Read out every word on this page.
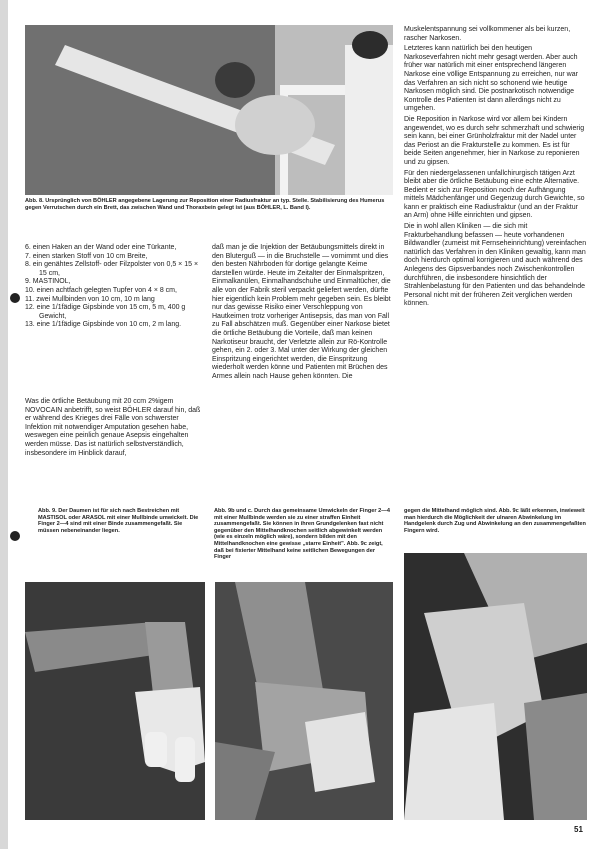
Abb. 8. Ursprünglich von BÖHLER angegebene Lagerung zur Reposition einer Radiusfraktur an typ. Stelle. Stabilisierung des Humerus gegen Verrutschen durch ein Brett, das zwischen Wand und Thoraxbein gelegt ist (aus BÖHLER, L. Band I).
6. einen Haken an der Wand oder eine Türkante,
7. einen starken Stoff von 10 cm Breite,
8. ein genähtes Zellstoff- oder Filzpolster von 0,5 × 15 × 15 cm,
9. MASTINOL,
10. einen achtfach gelegten Tupfer von 4 × 8 cm,
11. zwei Mullbinden von 10 cm, 10 m lang
12. eine 1/1fädige Gipsbinde von 15 cm, 5 m, 400 g Gewicht,
13. eine 1/1fädige Gipsbinde von 10 cm, 2 m lang.
Was die örtliche Betäubung mit 20 ccm 2%igem NOVOCAIN anbetrifft, so weist BÖHLER darauf hin, daß er während des Krieges drei Fälle von schwerster Infektion mit notwendiger Amputation gesehen habe, weswegen eine peinlich genaue Asepsis eingehalten werden müsse. Das ist natürlich selbstverständlich, insbesondere im Hinblick darauf,
daß man je die Injektion der Betäubungsmittels direkt in den Bluterguß — in die Bruchstelle — vornimmt und dies den besten Nährboden für dortige gelangte Keime darstellen würde. Heute im Zeitalter der Einmalspritzen, Einmalkanülen, Einmalhandschuhe und Einmaltücher, die alle von der Fabrik steril verpackt geliefert werden, dürfte hier eigentlich kein Problem mehr gegeben sein. Es bleibt nur das gewisse Risiko einer Verschleppung von Hautkeimen trotz vorheriger Antisepsis, das man von Fall zu Fall abschätzen muß. Gegenüber einer Narkose bietet die örtliche Betäubung die Vorteile, daß man keinen Narkotiseur braucht, der Verletzte allein zur Rö-Kontrolle gehen, ein 2. oder 3. Mal unter der Wirkung der gleichen Einspritzung eingerichtet werden, die Einspritzung wiederholt werden könne und Patienten mit Brüchen des Armes allein nach Hause gehen könnten. Die

Muskelentspannung sei vollkommener als bei kurzen, rascher Narkosen.

Letzteres kann natürlich bei den heutigen Narkoseverfahren nicht mehr gesagt werden. Aber auch früher war natürlich mit einer entsprechend längeren Narkose eine völlige Entspannung zu erreichen, nur war das Verfahren an sich nicht so schonend wie heutige Narkosen möglich sind. Die postnarkotisch notwendige Kontrolle des Patienten ist dann allerdings nicht zu umgehen.

Die Reposition in Narkose wird vor allem bei Kindern angewendet, wo es durch sehr schmerzhaft und schwierig sein kann, bei einer Grünholzfraktur mit der Nadel unter das Periost an die Frakturstelle zu kommen. Es ist für beide Seiten angenehmer, hier in Narkose zu reponieren und zu gipsen.

Für den niedergelassenen unfallchirurgisch tätigen Arzt bleibt aber die örtliche Betäubung eine echte Alternative. Bedient er sich zur Reposition noch der Aufhängung mittels Mädchenfänger und Gegenzug durch Gewichte, so kann er praktisch eine Radiusfraktur (und an der Fraktur an Arm) ohne Hilfe einrichten und gipsen.

Die in wohl allen Kliniken — die sich mit Frakturbehandlung befassen — heute vorhandenen Bildwandler (zumeist mit Fernseheinrichtung) vereinfachen natürlich das Verfahren in den Kliniken gewaltig, kann man doch hierdurch optimal korrigieren und auch während des Anlegens des Gipsverbandes noch Zwischenkontrollen durchführen, die insbesondere hinsichtlich der Strahlenbelastung für den Patienten und das behandelnde Personal nicht mit der früheren Zeit verglichen werden können.

Abb. 9. Der Daumen ist für sich nach Bestreichen mit MASTISOL oder ARASOL mit einer Mullbinde umwickelt. Die Finger 2—4 sind mit einer Binde zusammengefaßt. Sie müssen nebeneinander liegen.
Abb. 9b und c. Durch das gemeinsame Umwickeln der Finger 2—4 mit einer Mullbinde werden sie zu einer straffen Einheit zusammengefaßt. Sie können in ihren Grundgelenken fast nicht gegenüber den Mittelhandknochen seitlich abgewinkelt werden (wie es einzeln möglich wäre), sondern bilden mit den Mittelhandknochen eine gewisse „starre Einheit". Abb. 9c zeigt, daß bei fixierter Mittelhand keine seitlichen Bewegungen der Finger
gegen die Mittelhand möglich sind. Abb. 9c läßt erkennen, inwieweit man hierdurch die Möglichkeit der ulnaren Abwinkelung im Handgelenk durch Zug und Abwinkelung an den zusammengefaßten Fingern wird.
51
